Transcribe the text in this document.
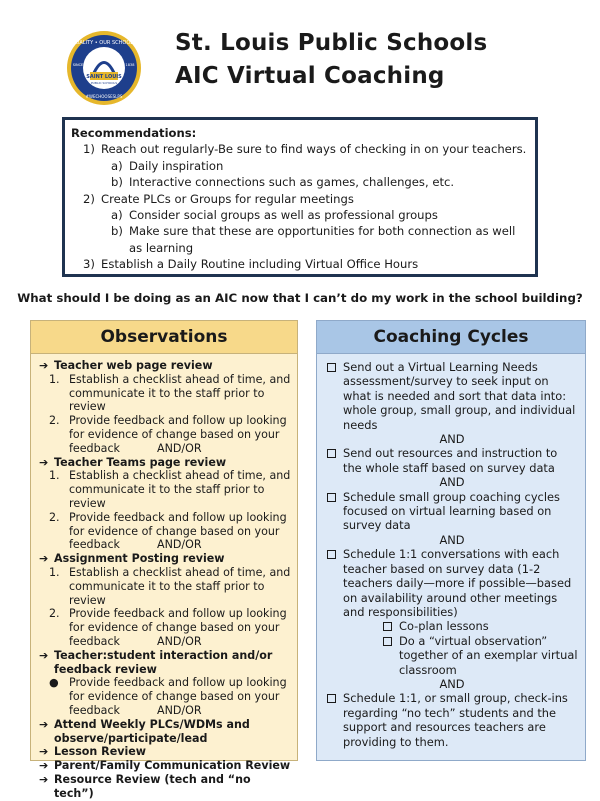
QUALITY • OUR SCHOOLS
SAINT LOUIS
PUBLIC SCHOOLS
SINCE	1838
#WECHOOSESLPS
St. Louis Public Schools
AIC Virtual Coaching
Recommendations:
1) Reach out regularly-Be sure to find ways of checking in on your teachers.
a) Daily inspiration
b) Interactive connections such as games, challenges, etc.
2) Create PLCs or Groups for regular meetings
a) Consider social groups as well as professional groups
b) Make sure that these are opportunities for both connection as well
as learning
3) Establish a Daily Routine including Virtual Office Hours
What should I be doing as an AIC now that I can’t do my work in the school building?
Observations
➔ Teacher web page review
1. Establish a checklist ahead of time, and
communicate it to the staff prior to review
2. Provide feedback and follow up looking
for evidence of change based on your
feedback	AND/OR
➔ Teacher Teams page review
1. Establish a checklist ahead of time, and
communicate it to the staff prior to review
2. Provide feedback and follow up looking
for evidence of change based on your
feedback	AND/OR
➔ Assignment Posting review
1. Establish a checklist ahead of time, and
communicate it to the staff prior to review
2. Provide feedback and follow up looking
for evidence of change based on your
feedback	AND/OR
➔ Teacher:student interaction and/or
feedback review
● Provide feedback and follow up looking
for evidence of change based on your
feedback	AND/OR
➔ Attend Weekly PLCs/WDMs and
observe/participate/lead
➔ Lesson Review
➔ Parent/Family Communication Review
➔ Resource Review (tech and “no tech”)
Coaching Cycles
Send out a Virtual Learning Needs
assessment/survey to seek input on
what is needed and sort that data into:
whole group, small group, and individual
needs
AND
Send out resources and instruction to
the whole staff based on survey data
AND
Schedule small group coaching cycles
focused on virtual learning based on
survey data
AND
Schedule 1:1 conversations with each
teacher based on survey data (1-2
teachers daily—more if possible—based
on availability around other meetings
and responsibilities)
Co-plan lessons
Do a “virtual observation”
together of an exemplar virtual
classroom
AND
Schedule 1:1, or small group, check-ins
regarding “no tech” students and the
support and resources teachers are
providing to them.
